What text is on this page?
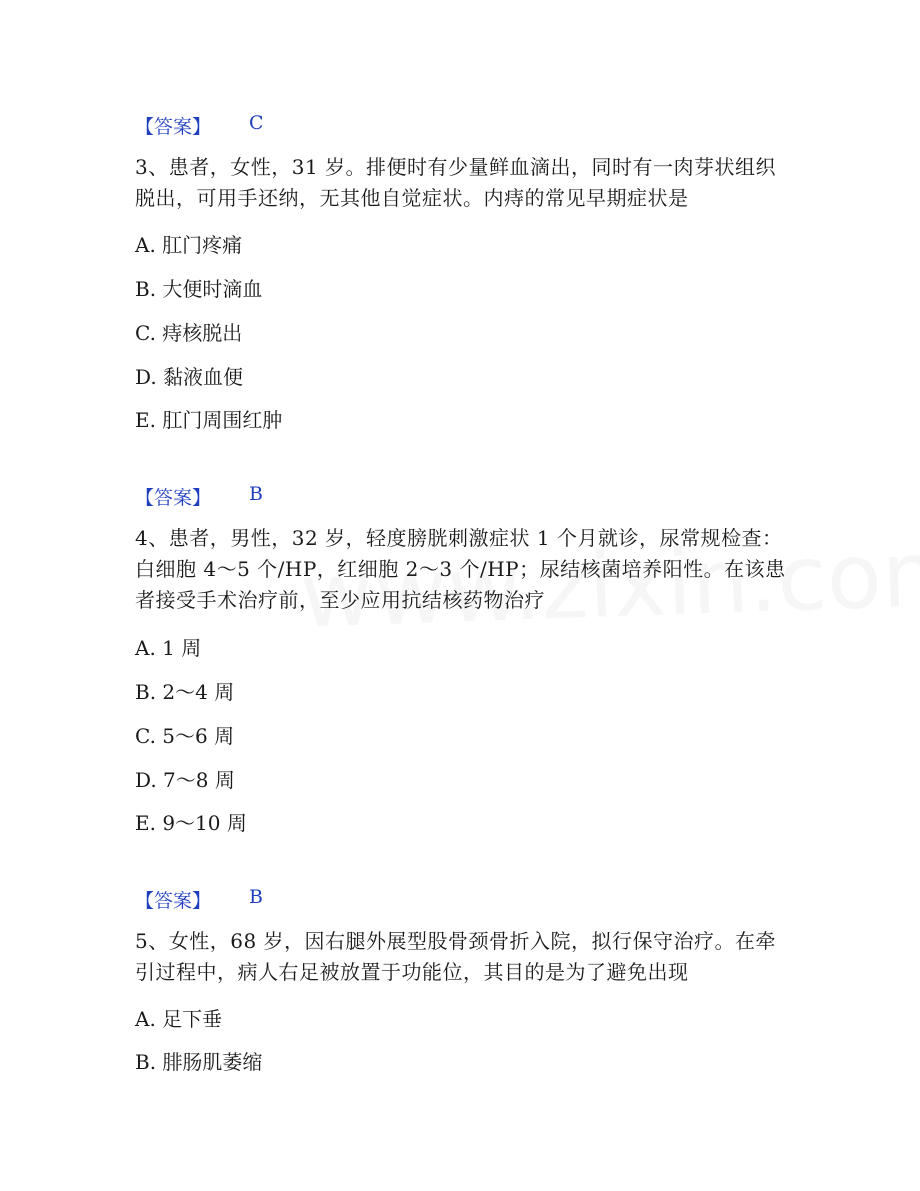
【答案】 C
3、患者，女性，31 岁。排便时有少量鲜血滴出，同时有一肉芽状组织脱出，可用手还纳，无其他自觉症状。内痔的常见早期症状是
A. 肛门疼痛
B. 大便时滴血
C. 痔核脱出
D. 黏液血便
E. 肛门周围红肿
【答案】 B
4、患者，男性，32 岁，轻度膀胱刺激症状 1 个月就诊，尿常规检查：白细胞 4～5 个/HP，红细胞 2～3 个/HP；尿结核菌培养阳性。在该患者接受手术治疗前，至少应用抗结核药物治疗
A. 1 周
B. 2～4 周
C. 5～6 周
D. 7～8 周
E. 9～10 周
【答案】 B
5、女性，68 岁，因右腿外展型股骨颈骨折入院，拟行保守治疗。在牵引过程中，病人右足被放置于功能位，其目的是为了避免出现
A. 足下垂
B. 腓肠肌萎缩
